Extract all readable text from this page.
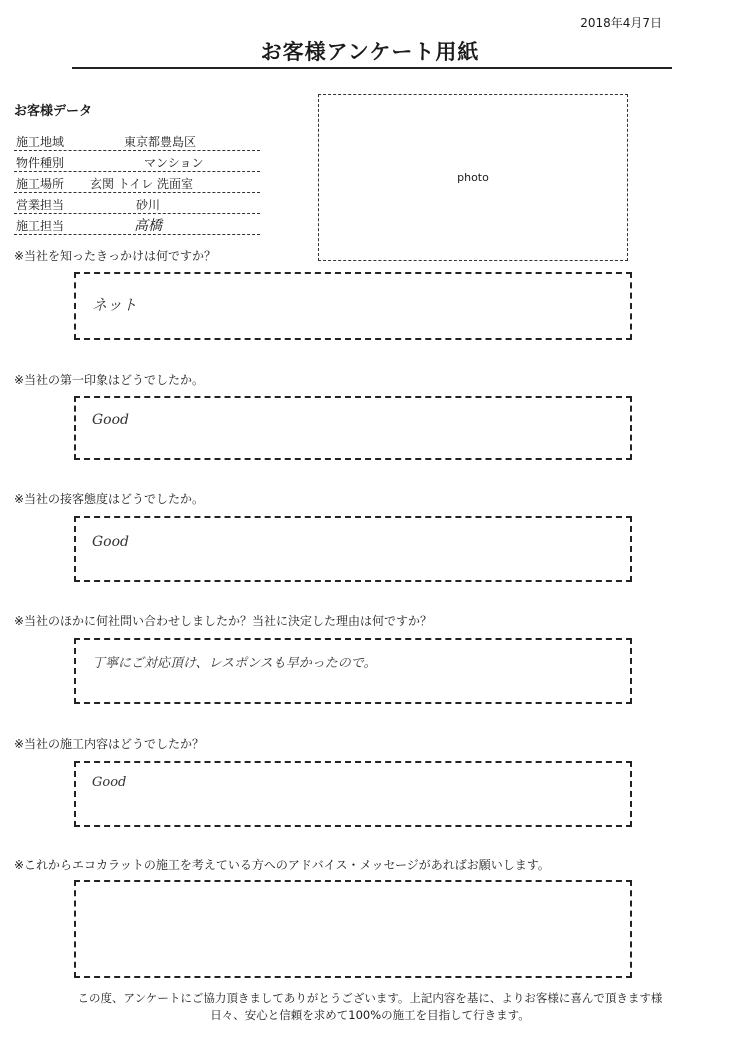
2018年4月7日
お客様アンケート用紙
お客様データ
施工地域	東京都豊島区
物件種別	マンション
施工場所 玄関 トイレ 洗面室
営業担当	砂川
施工担当	高橋
photo
※当社を知ったきっかけは何ですか？
ネット
※当社の第一印象はどうでしたか。
Good
※当社の接客態度はどうでしたか。
Good
※当社のほかに何社問い合わせしましたか？当社に決定した理由は何ですか？
丁寧にご対応頂け、レスポンスも早かったので。
※当社の施工内容はどうでしたか？
Good
※これからエコカラットの施工を考えている方へのアドバイス・メッセージがあればお願いします。
この度、アンケートにご協力頂きましてありがとうございます。上記内容を基に、よりお客様に喜んで頂きます様
日々、安心と信頼を求めて100%の施工を目指して行きます。
